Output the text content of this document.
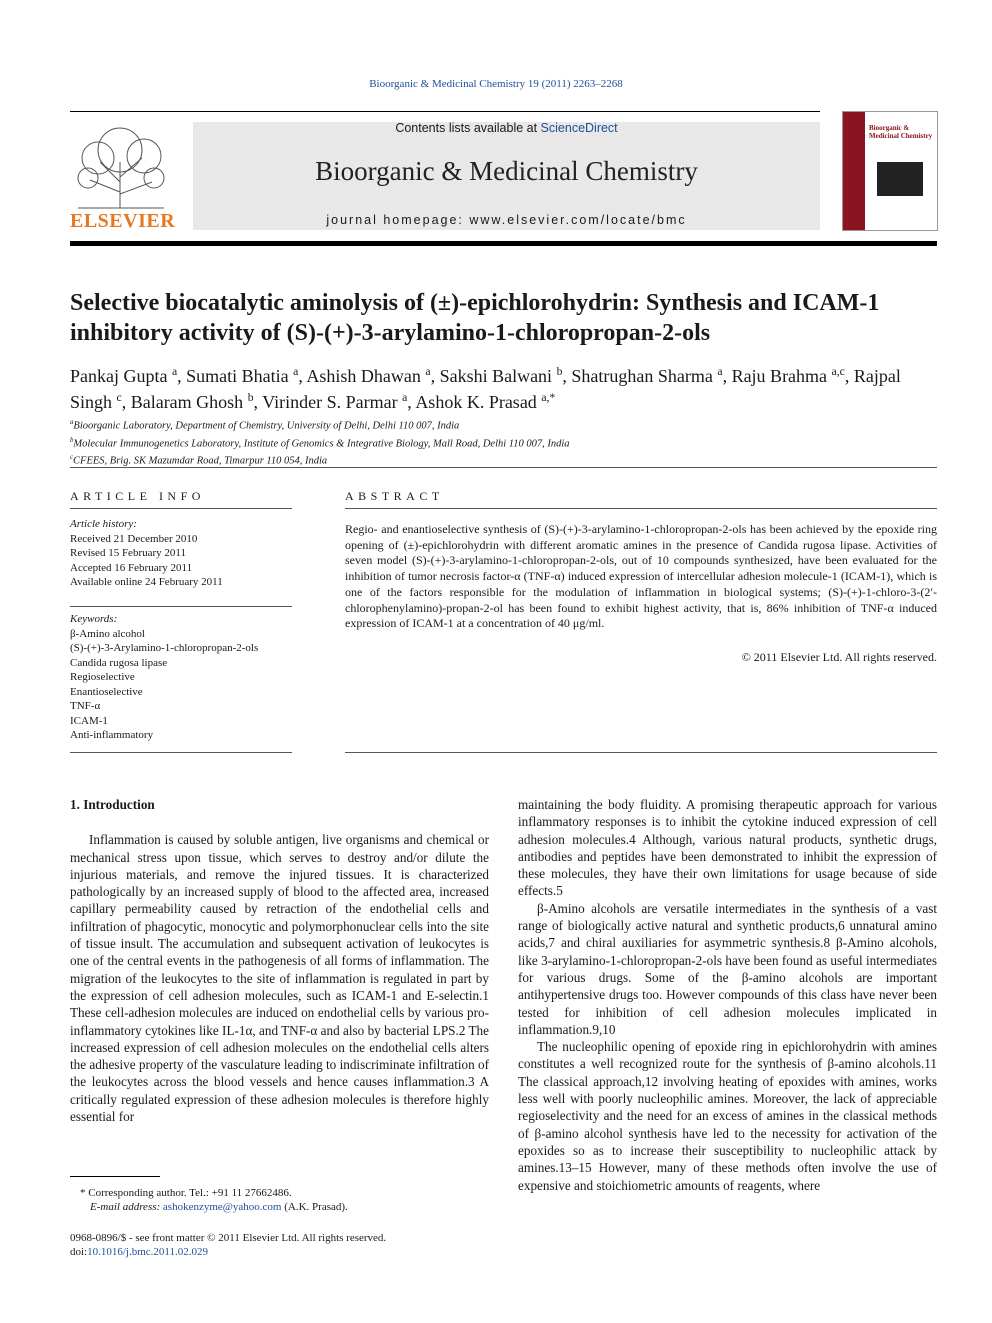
Bioorganic & Medicinal Chemistry 19 (2011) 2263–2268
ELSEVIER
Contents lists available at ScienceDirect
Bioorganic & Medicinal Chemistry
journal homepage: www.elsevier.com/locate/bmc
Bioorganic & Medicinal Chemistry
Selective biocatalytic aminolysis of (±)-epichlorohydrin: Synthesis and ICAM-1 inhibitory activity of (S)-(+)-3-arylamino-1-chloropropan-2-ols
Pankaj Gupta $^a$, Sumati Bhatia $^a$, Ashish Dhawan $^a$, Sakshi Balwani $^b$, Shatrughan Sharma $^a$, Raju Brahma $^{a,c}$, Rajpal Singh $^c$, Balaram Ghosh $^b$, Virinder S. Parmar $^a$, Ashok K. Prasad $^{a,*}$
$^a$Bioorganic Laboratory, Department of Chemistry, University of Delhi, Delhi 110 007, India
$^b$Molecular Immunogenetics Laboratory, Institute of Genomics & Integrative Biology, Mall Road, Delhi 110 007, India
$^c$CFEES, Brig. SK Mazumdar Road, Timarpur 110 054, India
ARTICLE INFO
Article history:
Received 21 December 2010
Revised 15 February 2011
Accepted 16 February 2011
Available online 24 February 2011
Keywords:
β-Amino alcohol
(S)-(+)-3-Arylamino-1-chloropropan-2-ols
Candida rugosa lipase
Regioselective
Enantioselective
TNF-α
ICAM-1
Anti-inflammatory
ABSTRACT
Regio- and enantioselective synthesis of (S)-(+)-3-arylamino-1-chloropropan-2-ols has been achieved by the epoxide ring opening of (±)-epichlorohydrin with different aromatic amines in the presence of Candida rugosa lipase. Activities of seven model (S)-(+)-3-arylamino-1-chloropropan-2-ols, out of 10 compounds synthesized, have been evaluated for the inhibition of tumor necrosis factor-α (TNF-α) induced expression of intercellular adhesion molecule-1 (ICAM-1), which is one of the factors responsible for the modulation of inflammation in biological systems; (S)-(+)-1-chloro-3-(2′-chlorophenylamino)-propan-2-ol has been found to exhibit highest activity, that is, 86% inhibition of TNF-α induced expression of ICAM-1 at a concentration of 40 μg/ml.
© 2011 Elsevier Ltd. All rights reserved.

1. Introduction

Inflammation is caused by soluble antigen, live organisms and chemical or mechanical stress upon tissue, which serves to destroy and/or dilute the injurious materials, and remove the injured tissues. It is characterized pathologically by an increased supply of blood to the affected area, increased capillary permeability caused by retraction of the endothelial cells and infiltration of phagocytic, monocytic and polymorphonuclear cells into the site of tissue insult. The accumulation and subsequent activation of leukocytes is one of the central events in the pathogenesis of all forms of inflammation. The migration of the leukocytes to the site of inflammation is regulated in part by the expression of cell adhesion molecules, such as ICAM-1 and E-selectin.1 These cell-adhesion molecules are induced on endothelial cells by various pro-inflammatory cytokines like IL-1α, and TNF-α and also by bacterial LPS.2 The increased expression of cell adhesion molecules on the endothelial cells alters the adhesive property of the vasculature leading to indiscriminate infiltration of the leukocytes across the blood vessels and hence causes inflammation.3 A critically regulated expression of these adhesion molecules is therefore highly essential for

maintaining the body fluidity. A promising therapeutic approach for various inflammatory responses is to inhibit the cytokine induced expression of cell adhesion molecules.4 Although, various natural products, synthetic drugs, antibodies and peptides have been demonstrated to inhibit the expression of these molecules, they have their own limitations for usage because of side effects.5

β-Amino alcohols are versatile intermediates in the synthesis of a vast range of biologically active natural and synthetic products,6 unnatural amino acids,7 and chiral auxiliaries for asymmetric synthesis.8 β-Amino alcohols, like 3-arylamino-1-chloropropan-2-ols have been found as useful intermediates for various drugs. Some of the β-amino alcohols are important antihypertensive drugs too. However compounds of this class have never been tested for inhibition of cell adhesion molecules implicated in inflammation.9,10

The nucleophilic opening of epoxide ring in epichlorohydrin with amines constitutes a well recognized route for the synthesis of β-amino alcohols.11 The classical approach,12 involving heating of epoxides with amines, works less well with poorly nucleophilic amines. Moreover, the lack of appreciable regioselectivity and the need for an excess of amines in the classical methods of β-amino alcohol synthesis have led to the necessity for activation of the epoxides so as to increase their susceptibility to nucleophilic attack by amines.13–15 However, many of these methods often involve the use of expensive and stoichiometric amounts of reagents, where

* Corresponding author. Tel.: +91 11 27662486.
E-mail address: ashokenzyme@yahoo.com (A.K. Prasad).
0968-0896/$ - see front matter © 2011 Elsevier Ltd. All rights reserved.
doi:10.1016/j.bmc.2011.02.029
